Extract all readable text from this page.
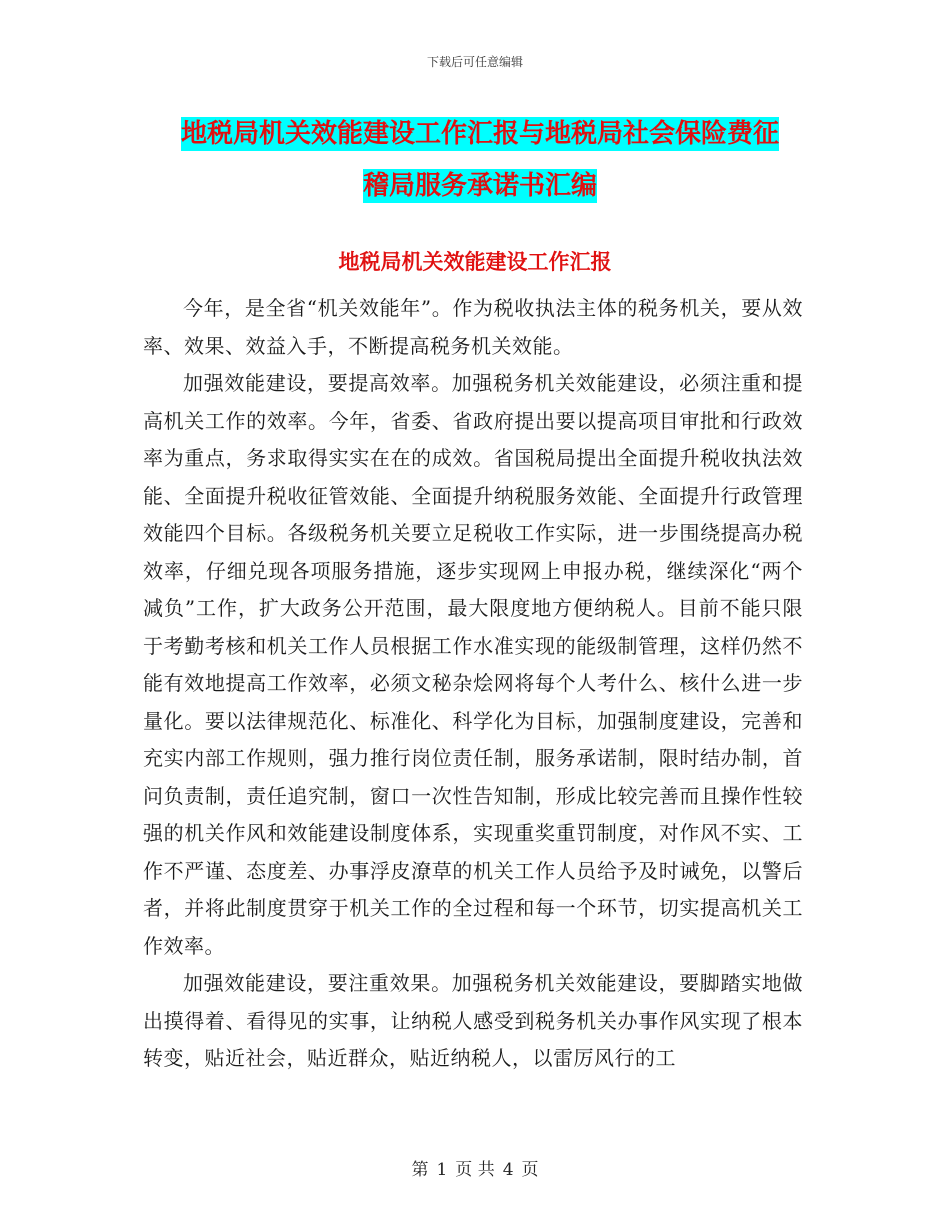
下载后可任意编辑
地税局机关效能建设工作汇报与地税局社会保险费征
稽局服务承诺书汇编
地税局机关效能建设工作汇报

今年，是全省“机关效能年”。作为税收执法主体的税务机关，要从效率、效果、效益入手，不断提高税务机关效能。

加强效能建设，要提高效率。加强税务机关效能建设，必须注重和提高机关工作的效率。今年，省委、省政府提出要以提高项目审批和行政效率为重点，务求取得实实在在的成效。省国税局提出全面提升税收执法效能、全面提升税收征管效能、全面提升纳税服务效能、全面提升行政管理效能四个目标。各级税务机关要立足税收工作实际，进一步围绕提高办税效率，仔细兑现各项服务措施，逐步实现网上申报办税，继续深化“两个减负”工作，扩大政务公开范围，最大限度地方便纳税人。目前不能只限于考勤考核和机关工作人员根据工作水准实现的能级制管理，这样仍然不能有效地提高工作效率，必须文秘杂烩网将每个人考什么、核什么进一步量化。要以法律规范化、标准化、科学化为目标，加强制度建设，完善和充实内部工作规则，强力推行岗位责任制，服务承诺制，限时结办制，首问负责制，责任追究制，窗口一次性告知制，形成比较完善而且操作性较强的机关作风和效能建设制度体系，实现重奖重罚制度，对作风不实、工作不严谨、态度差、办事浮皮潦草的机关工作人员给予及时诫免，以警后者，并将此制度贯穿于机关工作的全过程和每一个环节，切实提高机关工作效率。

加强效能建设，要注重效果。加强税务机关效能建设，要脚踏实地做出摸得着、看得见的实事，让纳税人感受到税务机关办事作风实现了根本转变，贴近社会，贴近群众，贴近纳税人，以雷厉风行的工

第 1 页 共 4 页
